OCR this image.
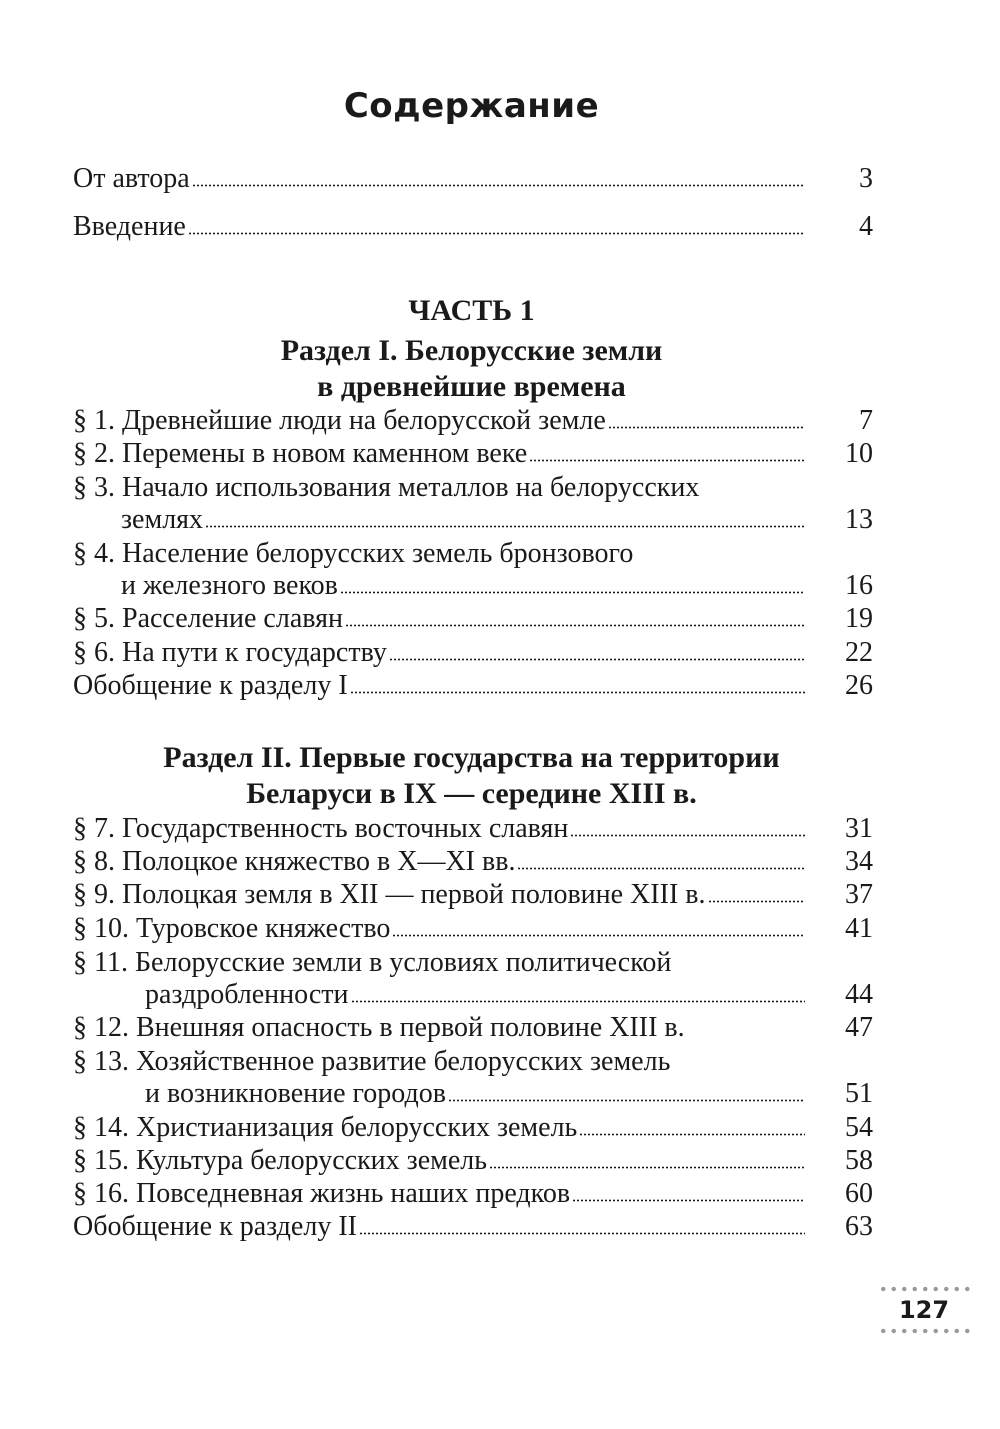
Содержание
От автора	3
Введение	4
ЧАСТЬ 1
Раздел I. Белорусские земли
в древнейшие времена
§ 1. Древнейшие люди на белорусской земле	7
§ 2. Перемены в новом каменном веке	10
§ 3. Начало использования металлов на белорусских
землях	13
§ 4. Население белорусских земель бронзового
и железного веков	16
§ 5. Расселение славян	19
§ 6. На пути к государству	22
Обобщение к разделу I	26
Раздел II. Первые государства на территории
Беларуси в IX — середине XIII в.
§ 7. Государственность восточных славян	31
§ 8. Полоцкое княжество в X—XI вв.	34
§ 9. Полоцкая земля в XII — первой половине XIII в.	37
§ 10. Туровское княжество	41
§ 11. Белорусские земли в условиях политической
раздробленности	44
§ 12. Внешняя опасность в первой половине XIII в.	47
§ 13. Хозяйственное развитие белорусских земель
и возникновение городов	51
§ 14. Христианизация белорусских земель	54
§ 15. Культура белорусских земель	58
§ 16. Повседневная жизнь наших предков	60
Обобщение к разделу II	63
127
